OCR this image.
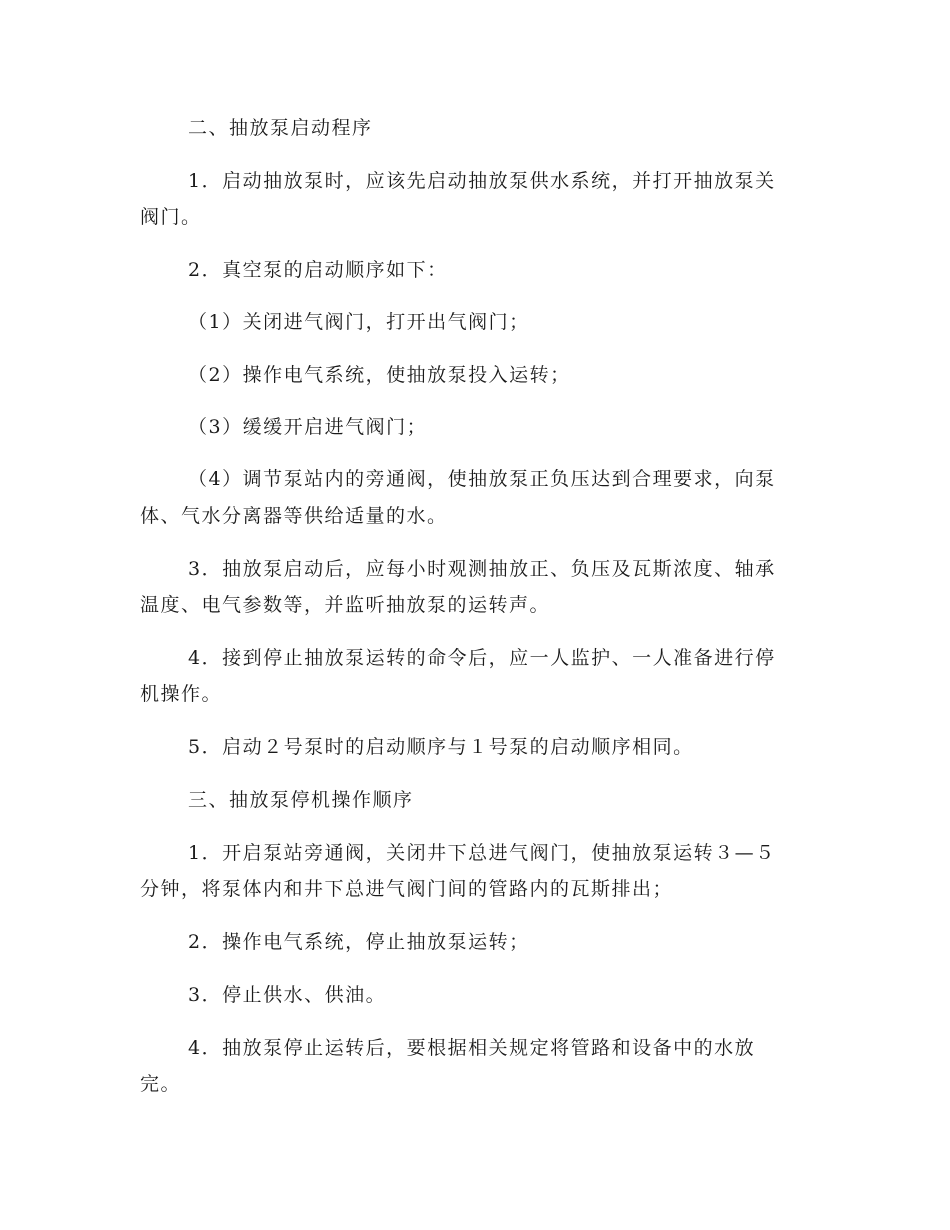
二、抽放泵启动程序
1．启动抽放泵时，应该先启动抽放泵供水系统，并打开抽放泵关
阀门。
2．真空泵的启动顺序如下：
（1）关闭进气阀门，打开出气阀门；
（2）操作电气系统，使抽放泵投入运转；
（3）缓缓开启进气阀门；
（4）调节泵站内的旁通阀，使抽放泵正负压达到合理要求，向泵
体、气水分离器等供给适量的水。
3．抽放泵启动后，应每小时观测抽放正、负压及瓦斯浓度、轴承
温度、电气参数等，并监听抽放泵的运转声。
4．接到停止抽放泵运转的命令后，应一人监护、一人准备进行停
机操作。
5．启动２号泵时的启动顺序与１号泵的启动顺序相同。
三、抽放泵停机操作顺序
1．开启泵站旁通阀，关闭井下总进气阀门，使抽放泵运转３—５
分钟，将泵体内和井下总进气阀门间的管路内的瓦斯排出；
2．操作电气系统，停止抽放泵运转；
3．停止供水、供油。
4．抽放泵停止运转后，要根据相关规定将管路和设备中的水放
完。
